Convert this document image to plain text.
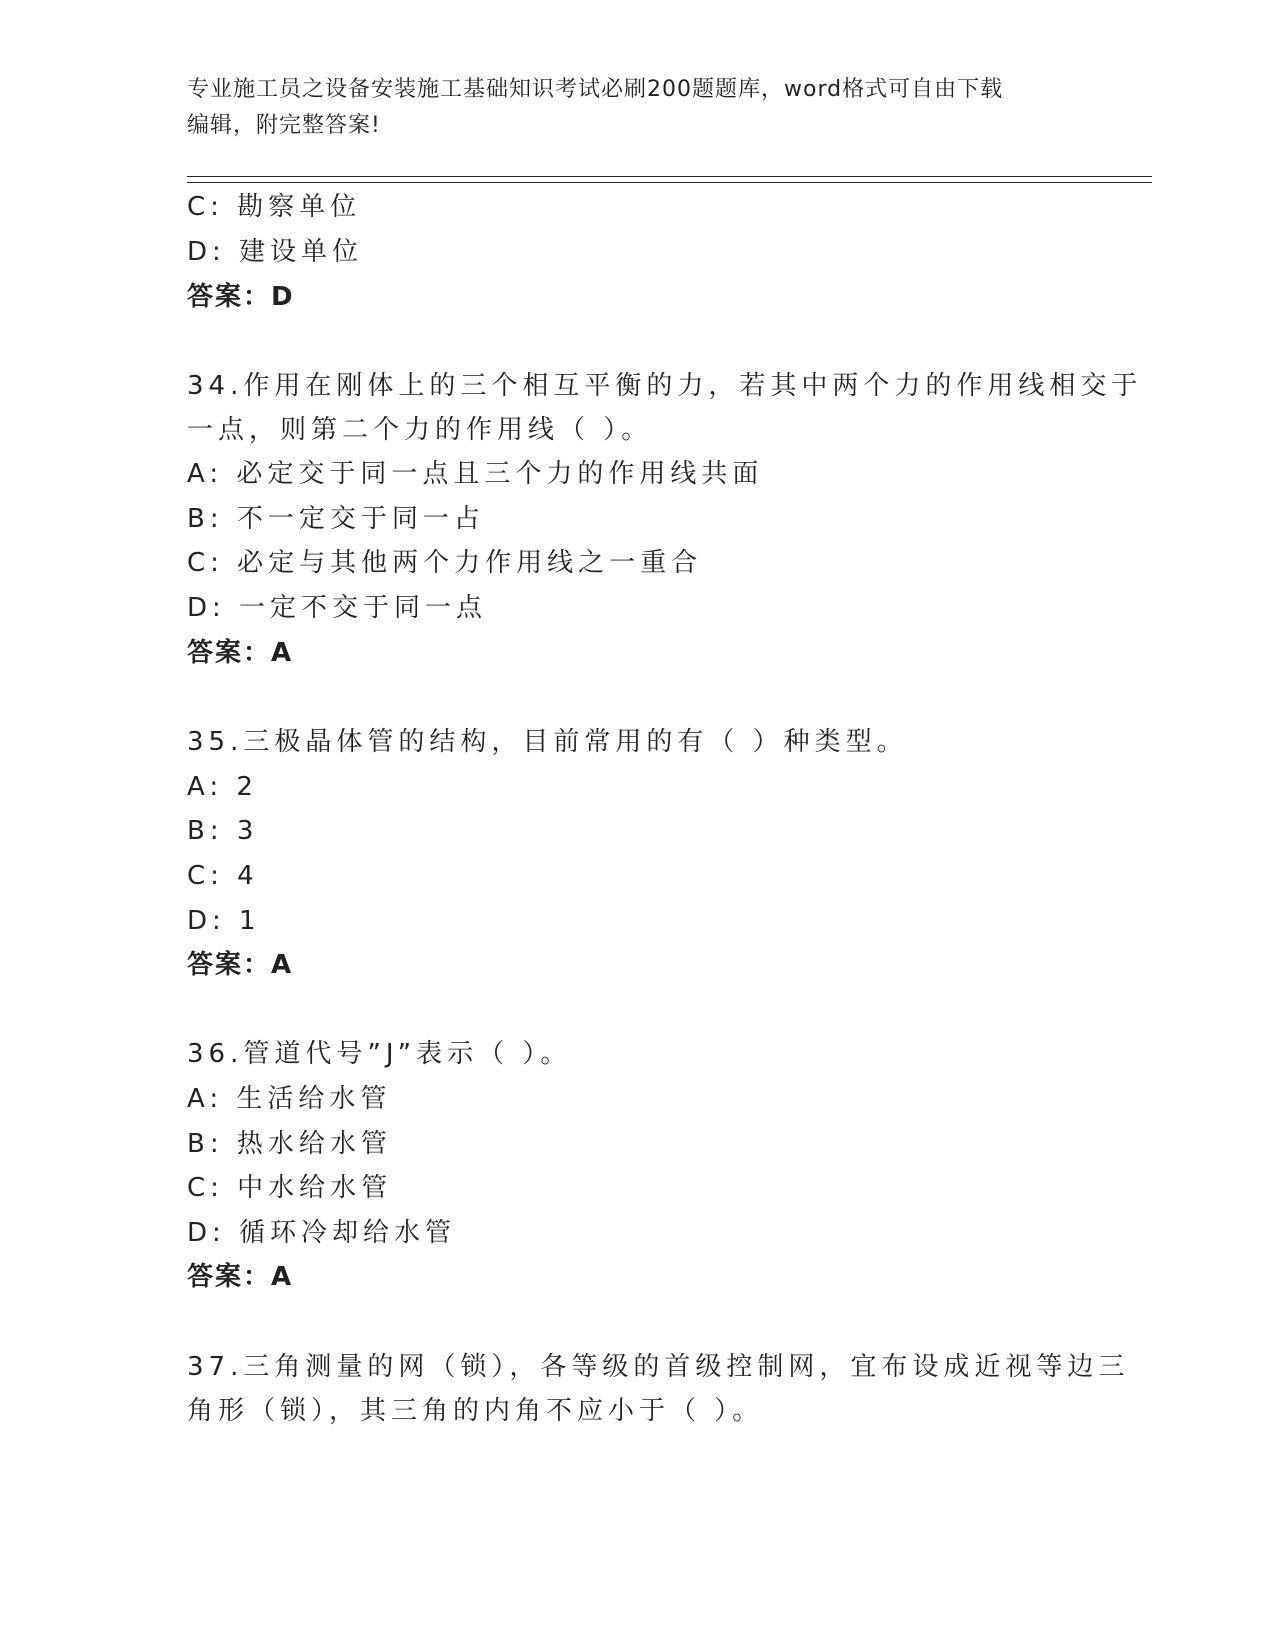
专业施工员之设备安装施工基础知识考试必刷200题题库，word格式可自由下载
编辑，附完整答案!
C: 勘察单位
D: 建设单位
答案：D
34.作用在刚体上的三个相互平衡的力，若其中两个力的作用线相交于
一点，则第二个力的作用线（ ）。
A: 必定交于同一点且三个力的作用线共面
B: 不一定交于同一占
C: 必定与其他两个力作用线之一重合
D: 一定不交于同一点
答案：A
35.三极晶体管的结构，目前常用的有（ ）种类型。
A: 2
B: 3
C: 4
D: 1
答案：A
36.管道代号”J”表示（ ）。
A: 生活给水管
B: 热水给水管
C: 中水给水管
D: 循环冷却给水管
答案：A
37.三角测量的网（锁），各等级的首级控制网，宜布设成近视等边三
角形（锁），其三角的内角不应小于（ ）。
